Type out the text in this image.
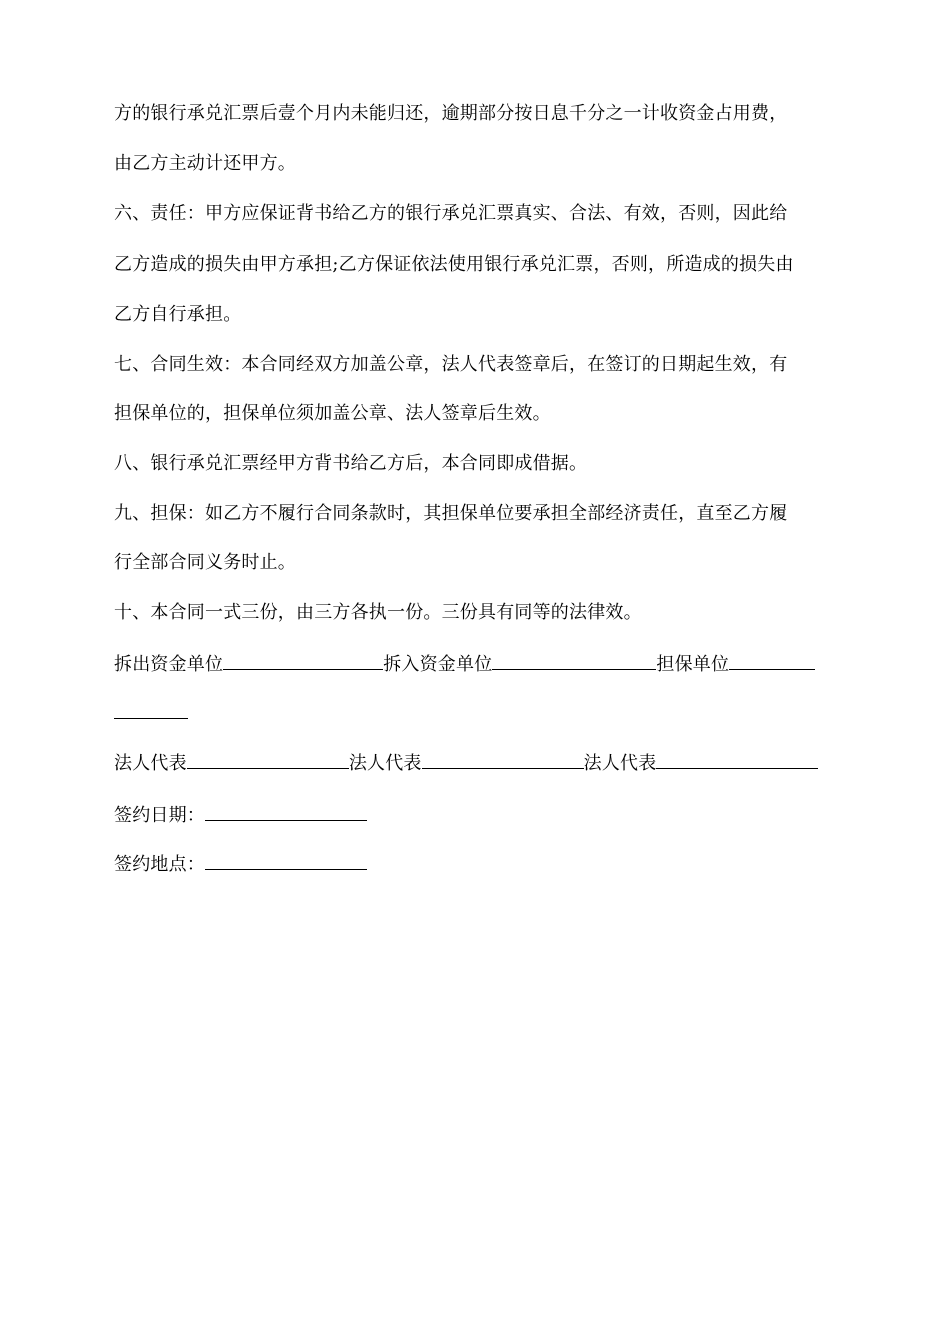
方的银行承兑汇票后壹个月内未能归还，逾期部分按日息千分之一计收资金占用费，
由乙方主动计还甲方。
六、责任：甲方应保证背书给乙方的银行承兑汇票真实、合法、有效，否则，因此给
乙方造成的损失由甲方承担;乙方保证依法使用银行承兑汇票，否则，所造成的损失由
乙方自行承担。
七、合同生效：本合同经双方加盖公章，法人代表签章后，在签订的日期起生效，有
担保单位的，担保单位须加盖公章、法人签章后生效。
八、银行承兑汇票经甲方背书给乙方后，本合同即成借据。
九、担保：如乙方不履行合同条款时，其担保单位要承担全部经济责任，直至乙方履
行全部合同义务时止。
十、本合同一式三份，由三方各执一份。三份具有同等的法律效。
拆出资金单位	拆入资金单位	担保单位
法人代表	法人代表	法人代表
签约日期：
签约地点：
